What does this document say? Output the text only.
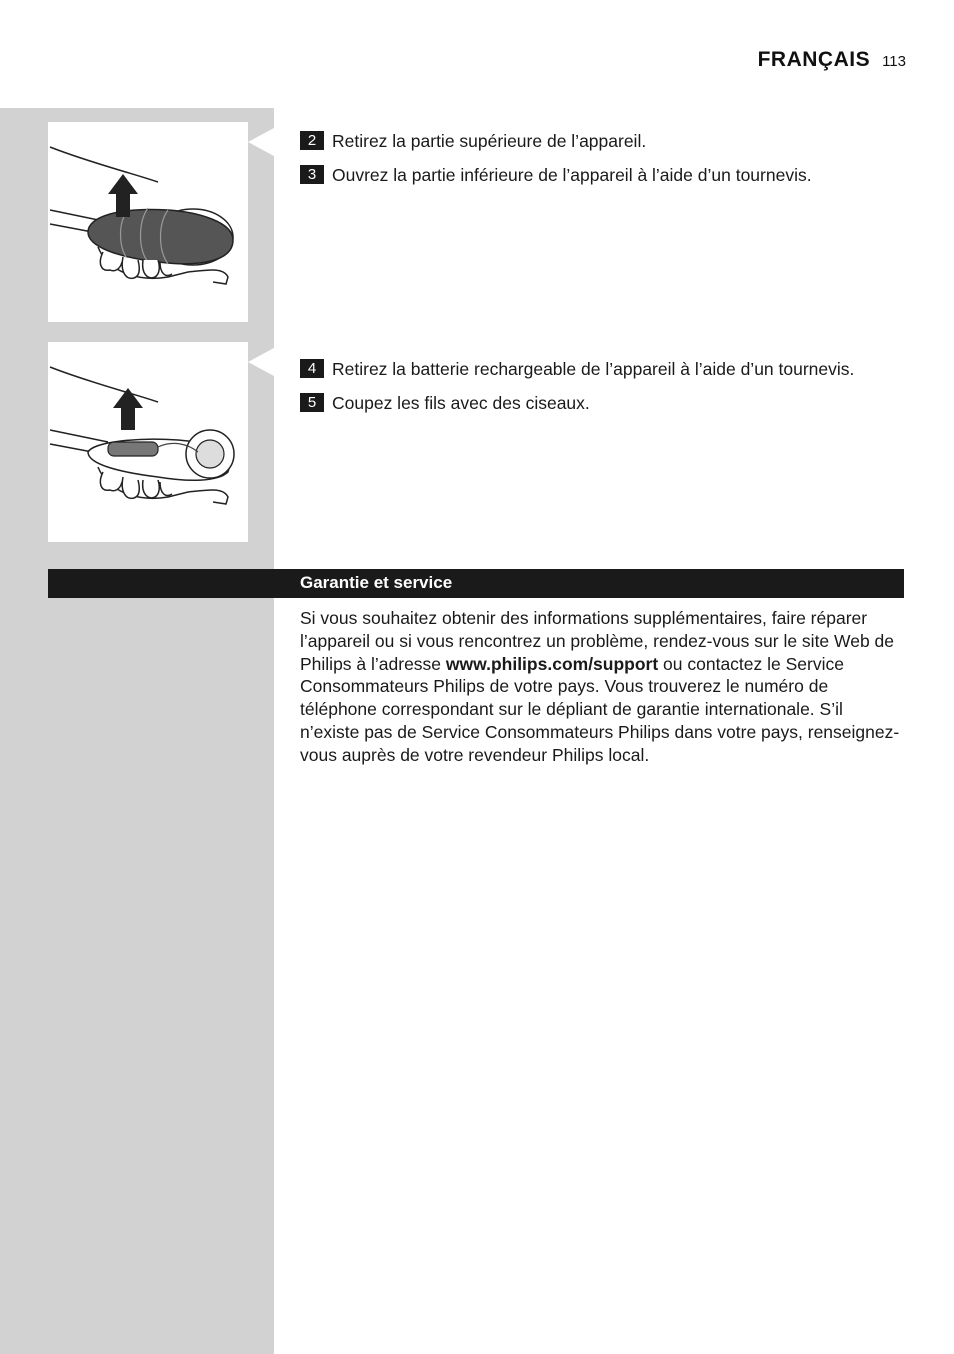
FRANÇAIS 113
2 Retirez la partie supérieure de l’appareil.
3 Ouvrez la partie inférieure de l’appareil à l’aide d’un tournevis.
4 Retirez la batterie rechargeable de l’appareil à l’aide d’un tournevis.
5 Coupez les fils avec des ciseaux.
Garantie et service
Si vous souhaitez obtenir des informations supplémentaires, faire réparer l’appareil ou si vous rencontrez un problème, rendez-vous sur le site Web de Philips à l’adresse www.philips.com/support ou contactez le Service Consommateurs Philips de votre pays. Vous trouverez le numéro de téléphone correspondant sur le dépliant de garantie internationale. S’il n’existe pas de Service Consommateurs Philips dans votre pays, renseignez-vous auprès de votre revendeur Philips local.
